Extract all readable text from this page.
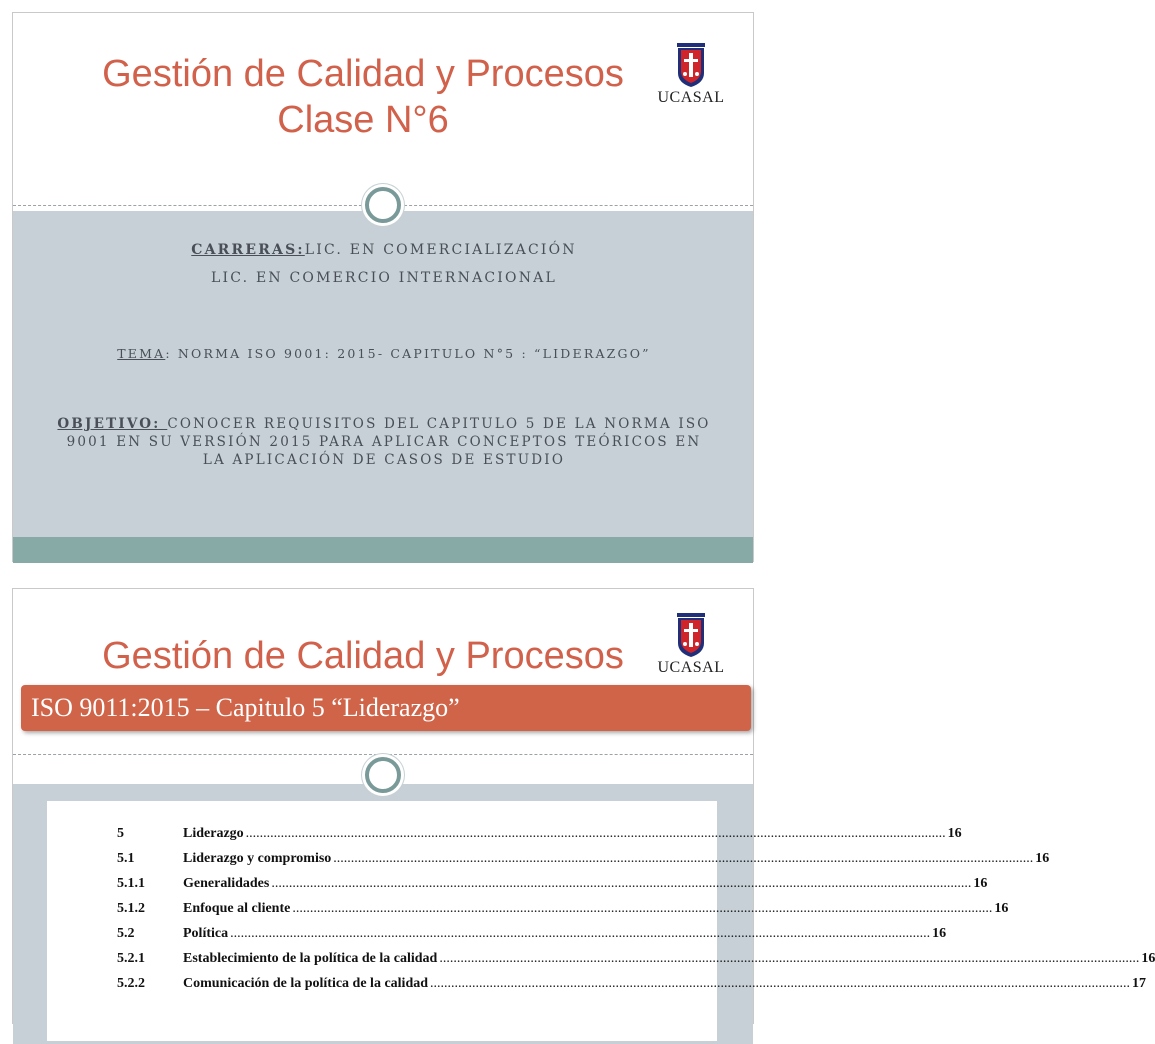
Gestión de Calidad y Procesos
Clase N°6
UCASAL
CARRERAS:LIC. EN COMERCIALIZACIÓN
LIC. EN COMERCIO INTERNACIONAL
TEMA: NORMA ISO 9001: 2015- CAPITULO N°5 : “LIDERAZGO”
OBJETIVO: CONOCER REQUISITOS DEL CAPITULO 5 DE LA NORMA ISO 9001 EN SU VERSIÓN 2015 PARA APLICAR CONCEPTOS TEÓRICOS EN LA APLICACIÓN DE CASOS DE ESTUDIO
Gestión de Calidad y Procesos	UCASAL
ISO 9011:2015 – Capitulo 5 “Liderazgo”
5	Liderazgo ........................................................................................................................................................................................................ 16
5.1	Liderazgo y compromiso ........................................................................................................................................................................................................ 16
5.1.1	Generalidades ........................................................................................................................................................................................................ 16
5.1.2	Enfoque al cliente ........................................................................................................................................................................................................ 16
5.2	Política ........................................................................................................................................................................................................ 16
5.2.1	Establecimiento de la política de la calidad ........................................................................................................................................................................................................ 16
5.2.2	Comunicación de la política de la calidad ........................................................................................................................................................................................................ 17
